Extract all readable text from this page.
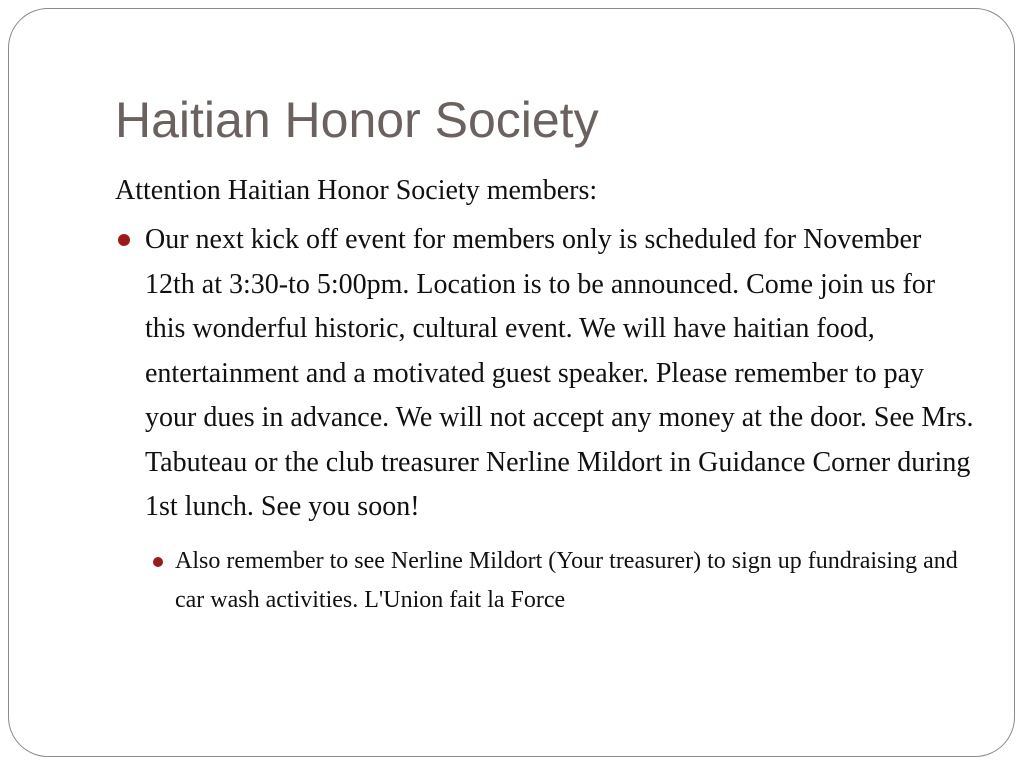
Haitian Honor Society

Attention Haitian Honor Society members:

Our next kick off event for members only is scheduled for November 12th at 3:30-to 5:00pm. Location is to be announced. Come join us for this wonderful historic, cultural event. We will have haitian food, entertainment and a motivated guest speaker. Please remember to pay your dues in advance. We will not accept any money at the door. See Mrs. Tabuteau or the club treasurer Nerline Mildort in Guidance Corner during 1st lunch. See you soon!
Also remember to see Nerline Mildort (Your treasurer) to sign up fundraising and car wash activities. L'Union fait la Force
